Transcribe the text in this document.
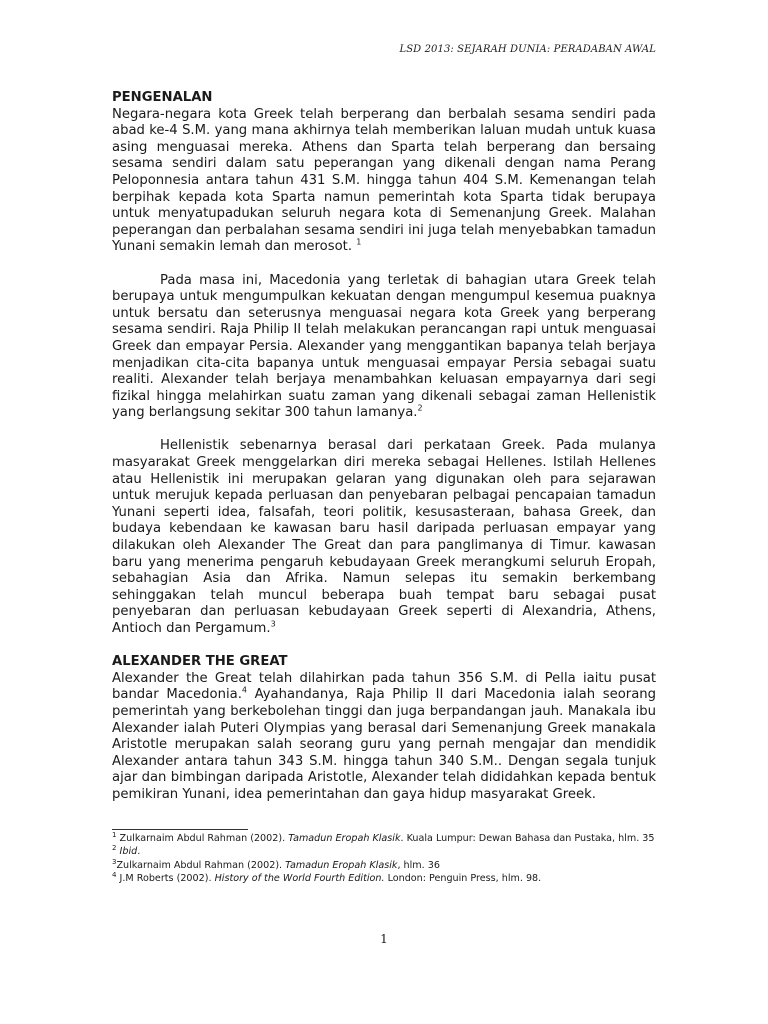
LSD 2013: SEJARAH DUNIA: PERADABAN AWAL

PENGENALAN

Negara-negara kota Greek telah berperang dan berbalah sesama sendiri pada abad ke-4 S.M. yang mana akhirnya telah memberikan laluan mudah untuk kuasa asing menguasai mereka. Athens dan Sparta telah berperang dan bersaing sesama sendiri dalam satu peperangan yang dikenali dengan nama Perang Peloponnesia antara tahun 431 S.M. hingga tahun 404 S.M. Kemenangan telah berpihak kepada kota Sparta namun pemerintah kota Sparta tidak berupaya untuk menyatupadukan seluruh negara kota di Semenanjung Greek. Malahan peperangan dan perbalahan sesama sendiri ini juga telah menyebabkan tamadun Yunani semakin lemah dan merosot. $^1$

Pada masa ini, Macedonia yang terletak di bahagian utara Greek telah berupaya untuk mengumpulkan kekuatan dengan mengumpul kesemua puaknya untuk bersatu dan seterusnya menguasai negara kota Greek yang berperang sesama sendiri. Raja Philip II telah melakukan perancangan rapi untuk menguasai Greek dan empayar Persia. Alexander yang menggantikan bapanya telah berjaya menjadikan cita-cita bapanya untuk menguasai empayar Persia sebagai suatu realiti. Alexander telah berjaya menambahkan keluasan empayarnya dari segi fizikal hingga melahirkan suatu zaman yang dikenali sebagai zaman Hellenistik yang berlangsung sekitar 300 tahun lamanya.$^2$

Hellenistik sebenarnya berasal dari perkataan Greek. Pada mulanya masyarakat Greek menggelarkan diri mereka sebagai Hellenes. Istilah Hellenes atau Hellenistik ini merupakan gelaran yang digunakan oleh para sejarawan untuk merujuk kepada perluasan dan penyebaran pelbagai pencapaian tamadun Yunani seperti idea, falsafah, teori politik, kesusasteraan, bahasa Greek, dan budaya kebendaan ke kawasan baru hasil daripada perluasan empayar yang dilakukan oleh Alexander The Great dan para panglimanya di Timur. kawasan baru yang menerima pengaruh kebudayaan Greek merangkumi seluruh Eropah, sebahagian Asia dan Afrika. Namun selepas itu semakin berkembang sehinggakan telah muncul beberapa buah tempat baru sebagai pusat penyebaran dan perluasan kebudayaan Greek seperti di Alexandria, Athens, Antioch dan Pergamum.$^3$

ALEXANDER THE GREAT

Alexander the Great telah dilahirkan pada tahun 356 S.M. di Pella iaitu pusat bandar Macedonia.$^4$ Ayahandanya, Raja Philip II dari Macedonia ialah seorang pemerintah yang berkebolehan tinggi dan juga berpandangan jauh. Manakala ibu Alexander ialah Puteri Olympias yang berasal dari Semenanjung Greek manakala Aristotle merupakan salah seorang guru yang pernah mengajar dan mendidik Alexander antara tahun 343 S.M. hingga tahun 340 S.M.. Dengan segala tunjuk ajar dan bimbingan daripada Aristotle, Alexander telah dididahkan kepada bentuk pemikiran Yunani, idea pemerintahan dan gaya hidup masyarakat Greek.

$^1$ Zulkarnaim Abdul Rahman (2002). Tamadun Eropah Klasik. Kuala Lumpur: Dewan Bahasa dan Pustaka, hlm. 35

$^2$ Ibid.

$^3$Zulkarnaim Abdul Rahman (2002). Tamadun Eropah Klasik, hlm. 36

$^4$ J.M Roberts (2002). History of the World Fourth Edition. London: Penguin Press, hlm. 98.

1
